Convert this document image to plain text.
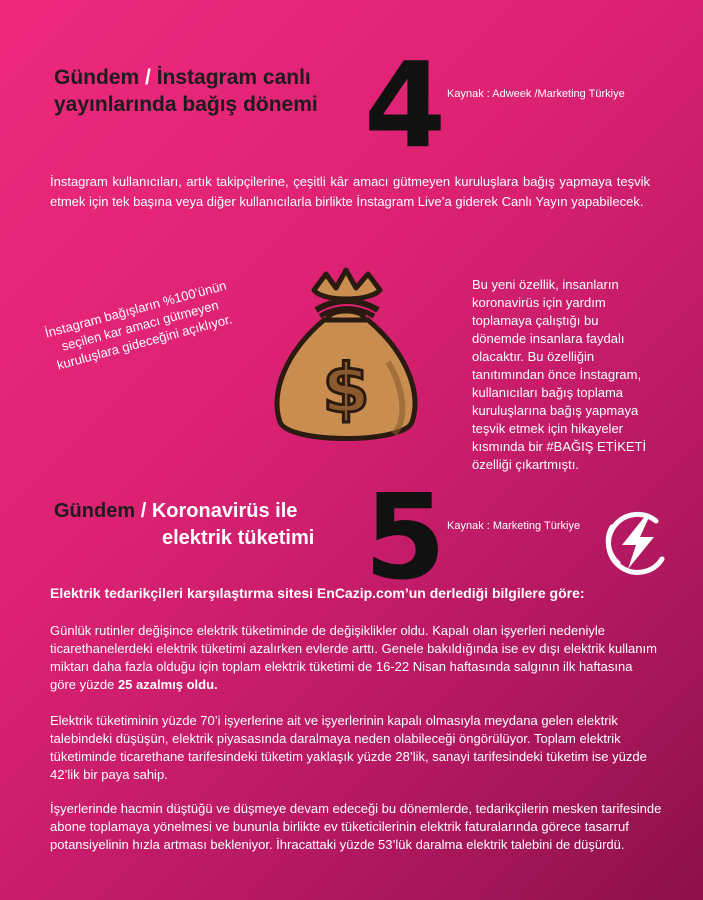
Gündem / İnstagram canlı yayınlarında bağış dönemi 4 Kaynak : Adweek /Marketing Türkiye

İnstagram kullanıcıları, artık takipçilerine, çeşitli kâr amacı gütmeyen kuruluşlara bağış yapmaya teşvik etmek için tek başına veya diğer kullanıcılarla birlikte İnstagram Live’a giderek Canlı Yayın yapabilecek.

İnstagram bağışların %100’ünün seçilen kar amacı gütmeyen kuruluşlara gideceğini açıklıyor.
$
Bu yeni özellik, insanların koronavirüs için yardım toplamaya çalıştığı bu dönemde insanlara faydalı olacaktır. Bu özelliğin tanıtımından önce İnstagram, kullanıcıları bağış toplama kuruluşlarına bağış yapmaya teşvik etmek için hikayeler kısmında bir #BAĞIŞ ETİKETİ özelliği çıkartmıştı.
Gündem / Koronavirüs ile
elektrik tüketimi 5 Kaynak : Marketing Türkiye
Elektrik tedarikçileri karşılaştırma sitesi EnCazip.com’un derlediği bilgilere göre:

Günlük rutinler değişince elektrik tüketiminde de değişiklikler oldu. Kapalı olan işyerleri nedeniyle ticarethanelerdeki elektrik tüketimi azalırken evlerde arttı. Genele bakıldığında ise ev dışı elektrik kullanım miktarı daha fazla olduğu için toplam elektrik tüketimi de 16-22 Nisan haftasında salgının ilk haftasına göre yüzde 25 azalmış oldu.

Elektrik tüketiminin yüzde 70’i işyerlerine ait ve işyerlerinin kapalı olmasıyla meydana gelen elektrik talebindeki düşüşün, elektrik piyasasında daralmaya neden olabileceği öngörülüyor. Toplam elektrik tüketiminde ticarethane tarifesindeki tüketim yaklaşık yüzde 28’lik, sanayi tarifesindeki tüketim ise yüzde 42’lik bir paya sahip.

İşyerlerinde hacmin düştüğü ve düşmeye devam edeceği bu dönemlerde, tedarikçilerin mesken tarifesinde abone toplamaya yönelmesi ve bununla birlikte ev tüketicilerinin elektrik faturalarında görece tasarruf potansiyelinin hızla artması bekleniyor. İhracattaki yüzde 53’lük daralma elektrik talebini de düşürdü.
